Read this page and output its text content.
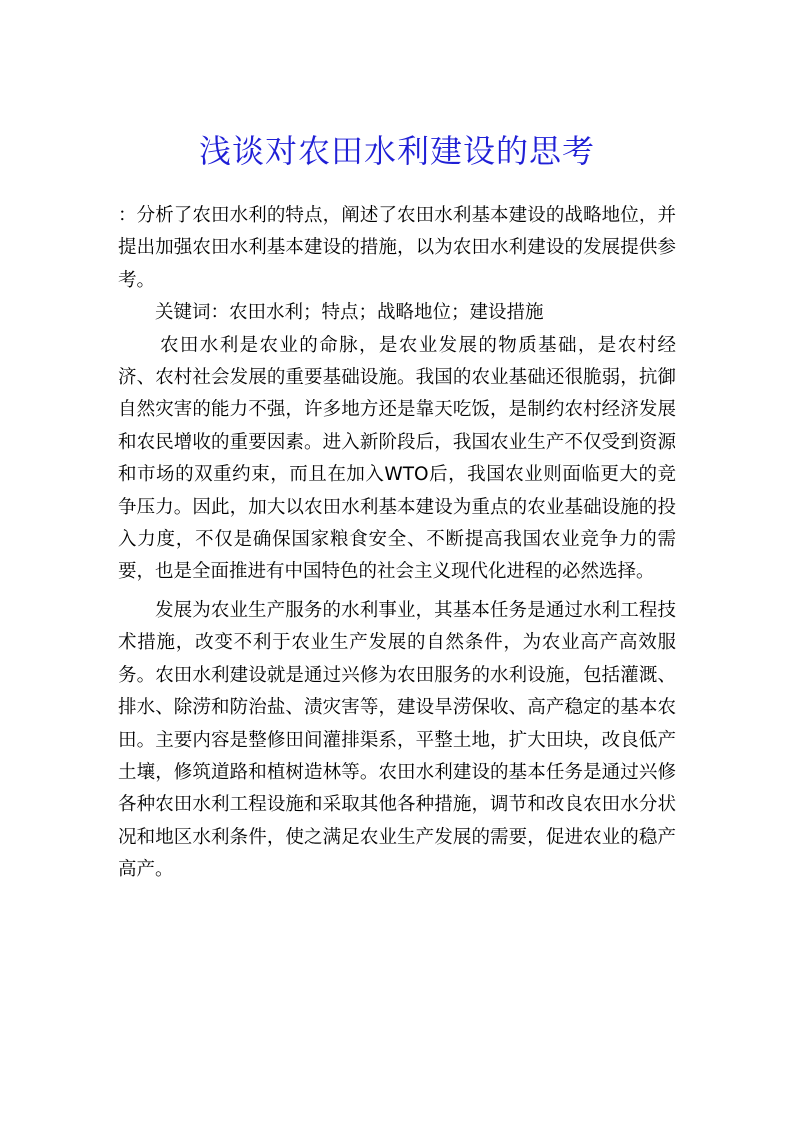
浅谈对农田水利建设的思考

：分析了农田水利的特点，阐述了农田水利基本建设的战略地位，并提出加强农田水利基本建设的措施，以为农田水利建设的发展提供参考。

关键词：农田水利；特点；战略地位；建设措施

农田水利是农业的命脉，是农业发展的物质基础，是农村经济、农村社会发展的重要基础设施。我国的农业基础还很脆弱，抗御自然灾害的能力不强，许多地方还是靠天吃饭，是制约农村经济发展和农民增收的重要因素。进入新阶段后，我国农业生产不仅受到资源和市场的双重约束，而且在加入WTO后，我国农业则面临更大的竞争压力。因此，加大以农田水利基本建设为重点的农业基础设施的投入力度，不仅是确保国家粮食安全、不断提高我国农业竞争力的需要，也是全面推进有中国特色的社会主义现代化进程的必然选择。

发展为农业生产服务的水利事业，其基本任务是通过水利工程技术措施，改变不利于农业生产发展的自然条件，为农业高产高效服务。农田水利建设就是通过兴修为农田服务的水利设施，包括灌溉、排水、除涝和防治盐、渍灾害等，建设旱涝保收、高产稳定的基本农田。主要内容是整修田间灌排渠系，平整土地，扩大田块，改良低产土壤，修筑道路和植树造林等。农田水利建设的基本任务是通过兴修各种农田水利工程设施和采取其他各种措施，调节和改良农田水分状况和地区水利条件，使之满足农业生产发展的需要，促进农业的稳产高产。
